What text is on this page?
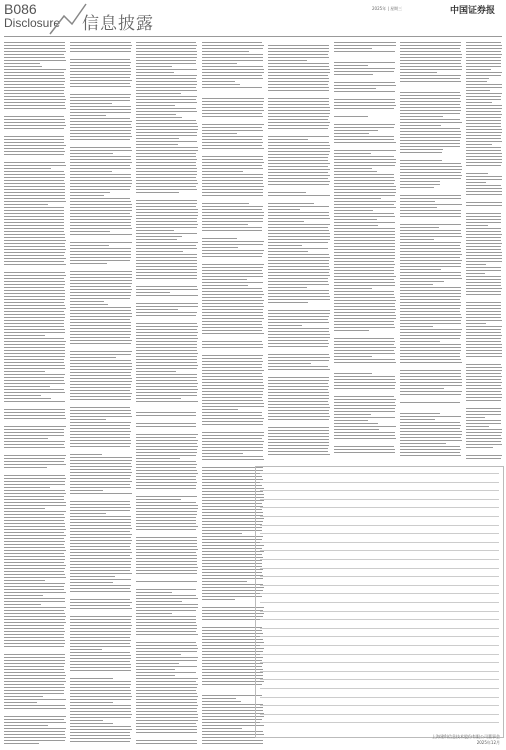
B086
Disclosure 信息披露
2025年 | 星期三	中国证券报
上海建科信息技术股份有限公司董事会
2025年12月
